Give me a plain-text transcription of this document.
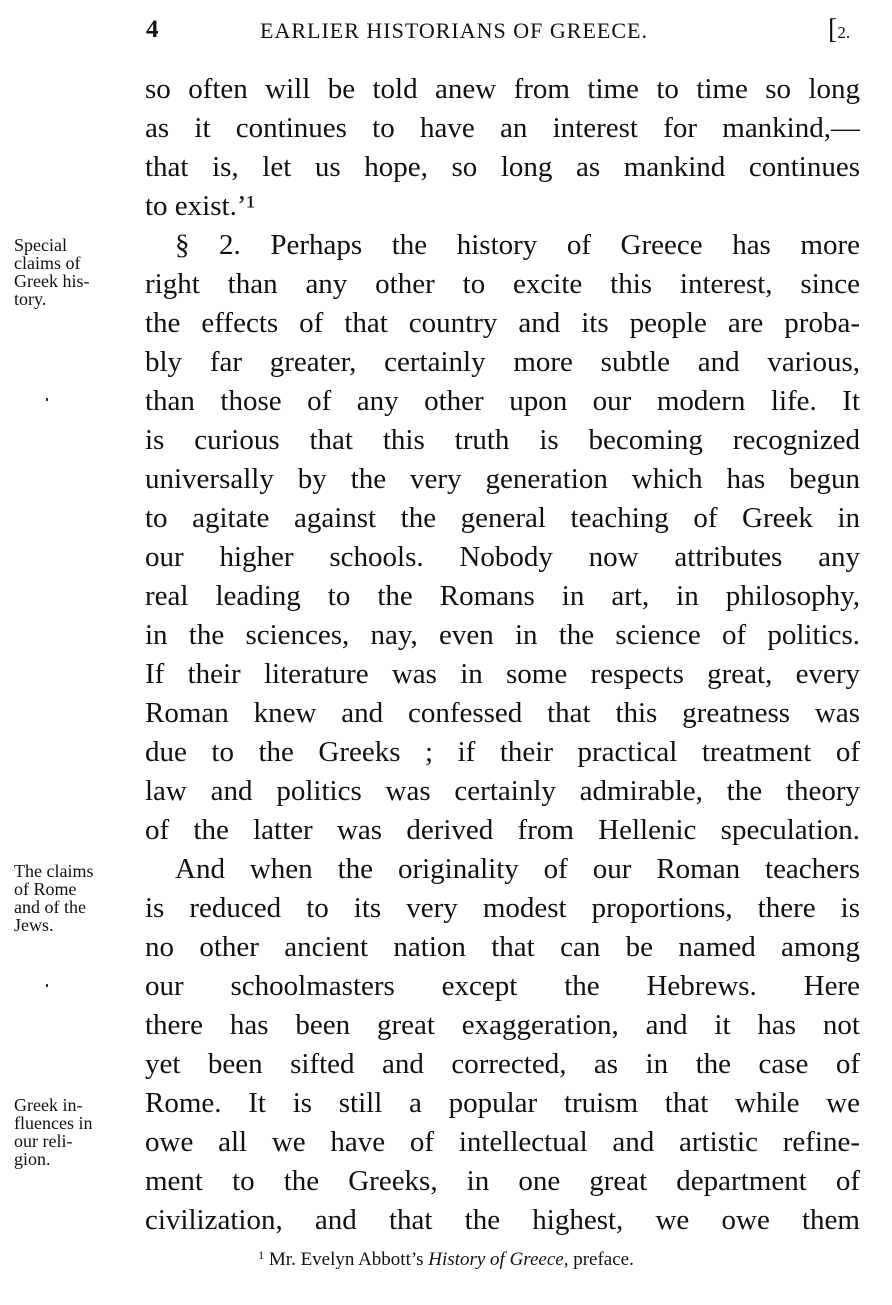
4	EARLIER HISTORIANS OF GREECE.	[2.
Special
claims of
Greek his-
tory.
The claims
of Rome
and of the
Jews.
Greek in-
fluences in
our reli-
gion.
so often will be told anew from time to time so long
as it continues to have an interest for mankind,—
that is, let us hope, so long as mankind continues
to exist.’¹
§ 2. Perhaps the history of Greece has more
right than any other to excite this interest, since
the effects of that country and its people are proba-
bly far greater, certainly more subtle and various,
than those of any other upon our modern life. It
is curious that this truth is becoming recognized
universally by the very generation which has begun
to agitate against the general teaching of Greek in
our higher schools. Nobody now attributes any
real leading to the Romans in art, in philosophy,
in the sciences, nay, even in the science of politics.
If their literature was in some respects great, every
Roman knew and confessed that this greatness was
due to the Greeks ; if their practical treatment of
law and politics was certainly admirable, the theory
of the latter was derived from Hellenic speculation.
And when the originality of our Roman teachers
is reduced to its very modest proportions, there is
no other ancient nation that can be named among
our schoolmasters except the Hebrews. Here
there has been great exaggeration, and it has not
yet been sifted and corrected, as in the case of
Rome. It is still a popular truism that while we
owe all we have of intellectual and artistic refine-
ment to the Greeks, in one great department of
civilization, and that the highest, we owe them
$^1$ Mr. Evelyn Abbott’s History of Greece, preface.
